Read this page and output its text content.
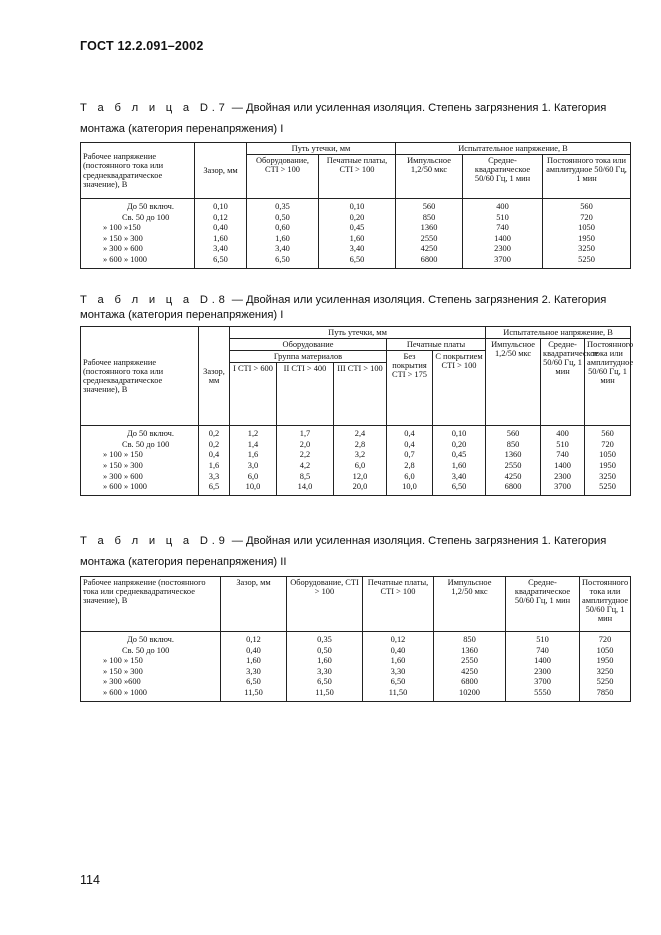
ГОСТ 12.2.091–2002
Т а б л и ц а D.7 — Двойная или усиленная изоляция. Степень загрязнения 1. Категория
монтажа (категория перенапряжения) I
Рабочее напряжение (постоянного тока или среднеквадратическое значение), В	Зазор, мм	Путь утечки, мм		Испытательное напряжение, В		
		Оборудование, СТI > 100	Печатные платы, СТI > 100	Импульсное 1,2/50 мкс	Средне-квадратическое 50/60 Гц, 1 мин	Постоянного тока или амплитудное 50/60 Гц, 1 мин
До 50 включ.	0,10	0,35	0,10	560	400	560
Св. 50 до 100	0,12	0,50	0,20	850	510	720
» 100 »150	0,40	0,60	0,45	1360	740	1050
» 150 » 300	1,60	1,60	1,60	2550	1400	1950
» 300 » 600	3,40	3,40	3,40	4250	2300	3250
» 600 » 1000	6,50	6,50	6,50	6800	3700	5250
Т а б л и ц а D.8 — Двойная или усиленная изоляция. Степень загрязнения 2. Категория
монтажа (категория перенапряжения) I
Рабочее напряжение (постоянного тока или среднеквадратическое значение), В	Зазор, мм	Путь утечки, мм					Испытательное напряжение, В		
		Оборудование			Печатные платы		Импульсное 1,2/50 мкс	Средне-квадратическое 50/60 Гц, 1 мин	Постоянного тока или амплитудное 50/60 Гц, 1 мин
		Группа материалов			Без покрытия СТI > 175	С покрытием СТI > 100			
		I СТI > 600	II СТI > 400	III СТI > 100					
До 50 включ.	0,2	1,2	1,7	2,4	0,4	0,10	560	400	560
Св. 50 до 100	0,2	1,4	2,0	2,8	0,4	0,20	850	510	720
» 100 » 150	0,4	1,6	2,2	3,2	0,7	0,45	1360	740	1050
» 150 » 300	1,6	3,0	4,2	6,0	2,8	1,60	2550	1400	1950
» 300 » 600	3,3	6,0	8,5	12,0	6,0	3,40	4250	2300	3250
» 600 » 1000	6,5	10,0	14,0	20,0	10,0	6,50	6800	3700	5250
Т а б л и ц а D.9 — Двойная или усиленная изоляция. Степень загрязнения 1. Категория
монтажа (категория перенапряжения) II
Рабочее напряжение (постоянного тока или среднеквадратическое значение), В	Зазор, мм	Оборудование, СТI > 100	Печатные платы, СТI > 100	Импульсное 1,2/50 мкс	Средне-квадратическое 50/60 Гц, 1 мин	Постоянного тока или амплитудное 50/60 Гц, 1 мин
До 50 включ.	0,12	0,35	0,12	850	510	720
Св. 50 до 100	0,40	0,50	0,40	1360	740	1050
» 100 » 150	1,60	1,60	1,60	2550	1400	1950
» 150 » 300	3,30	3,30	3,30	4250	2300	3250
» 300 »600	6,50	6,50	6,50	6800	3700	5250
» 600 » 1000	11,50	11,50	11,50	10200	5550	7850
114
